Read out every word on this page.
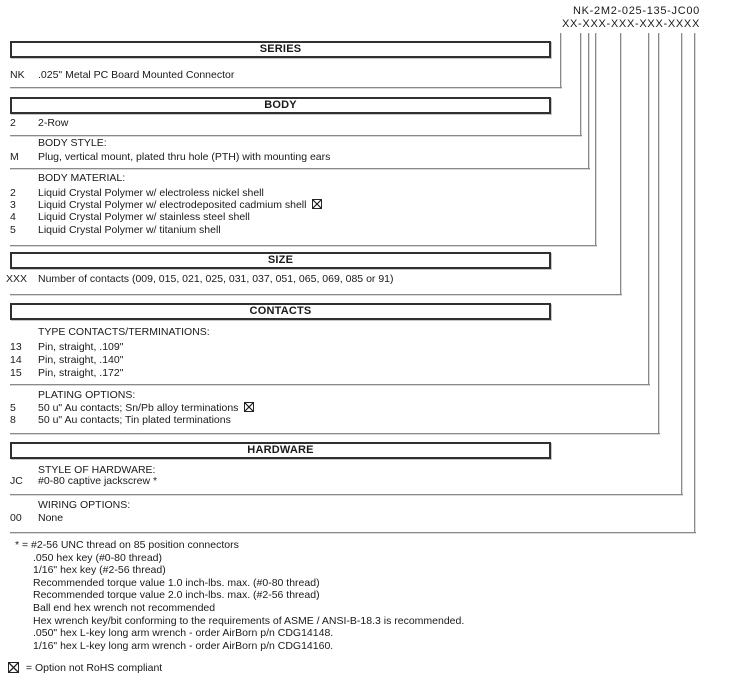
NK-2M2-025-135-JC00
XX-XXX-XXX-XXX-XXXX
SERIES
NK .025" Metal PC Board Mounted Connector
BODY
2 2-Row
BODY STYLE:
M Plug, vertical mount, plated thru hole (PTH) with mounting ears
BODY MATERIAL:
2 Liquid Crystal Polymer w/ electroless nickel shell
3 Liquid Crystal Polymer w/ electrodeposited cadmium shell
4 Liquid Crystal Polymer w/ stainless steel shell
5 Liquid Crystal Polymer w/ titanium shell
SIZE
XXX Number of contacts (009, 015, 021, 025, 031, 037, 051, 065, 069, 085 or 91)
CONTACTS
TYPE CONTACTS/TERMINATIONS:
13 Pin, straight, .109"
14 Pin, straight, .140"
15 Pin, straight, .172"
PLATING OPTIONS:
5 50 u" Au contacts; Sn/Pb alloy terminations
8 50 u" Au contacts; Tin plated terminations
HARDWARE
STYLE OF HARDWARE:
JC #0-80 captive jackscrew *
WIRING OPTIONS:
00 None
* = #2-56 UNC thread on 85 position connectors
.050 hex key (#0-80 thread)
1/16" hex key (#2-56 thread)
Recommended torque value 1.0 inch-lbs. max. (#0-80 thread)
Recommended torque value 2.0 inch-lbs. max. (#2-56 thread)
Ball end hex wrench not recommended
Hex wrench key/bit conforming to the requirements of ASME / ANSI-B-18.3 is recommended.
.050" hex L-key long arm wrench - order AirBorn p/n CDG14148.
1/16" hex L-key long arm wrench - order AirBorn p/n CDG14160.
= Option not RoHS compliant
